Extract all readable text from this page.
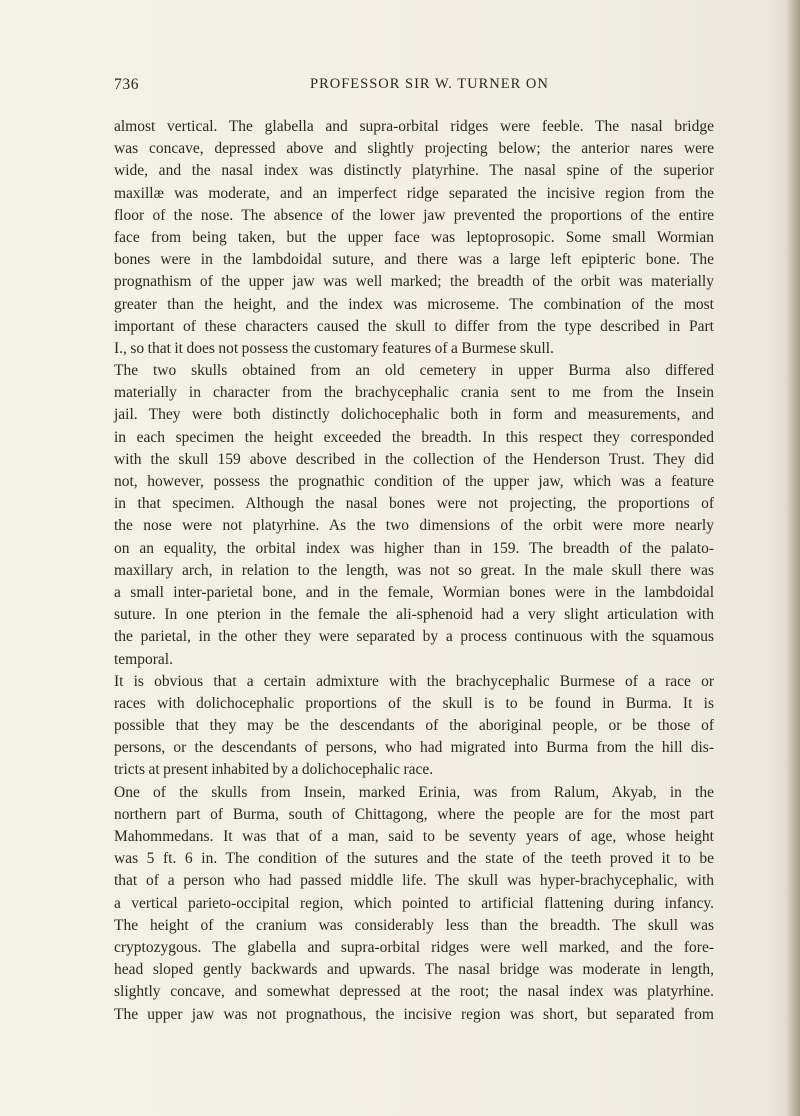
736	PROFESSOR SIR W. TURNER ON
almost vertical. The glabella and supra-orbital ridges were feeble. The nasal bridge
was concave, depressed above and slightly projecting below; the anterior nares were
wide, and the nasal index was distinctly platyrhine. The nasal spine of the superior
maxillæ was moderate, and an imperfect ridge separated the incisive region from the
floor of the nose. The absence of the lower jaw prevented the proportions of the entire
face from being taken, but the upper face was leptoprosopic. Some small Wormian
bones were in the lambdoidal suture, and there was a large left epipteric bone. The
prognathism of the upper jaw was well marked; the breadth of the orbit was materially
greater than the height, and the index was microseme. The combination of the most
important of these characters caused the skull to differ from the type described in Part
I., so that it does not possess the customary features of a Burmese skull.
The two skulls obtained from an old cemetery in upper Burma also differed
materially in character from the brachycephalic crania sent to me from the Insein
jail. They were both distinctly dolichocephalic both in form and measurements, and
in each specimen the height exceeded the breadth. In this respect they corresponded
with the skull 159 above described in the collection of the Henderson Trust. They did
not, however, possess the prognathic condition of the upper jaw, which was a feature
in that specimen. Although the nasal bones were not projecting, the proportions of
the nose were not platyrhine. As the two dimensions of the orbit were more nearly
on an equality, the orbital index was higher than in 159. The breadth of the palato-
maxillary arch, in relation to the length, was not so great. In the male skull there was
a small inter-parietal bone, and in the female, Wormian bones were in the lambdoidal
suture. In one pterion in the female the ali-sphenoid had a very slight articulation with
the parietal, in the other they were separated by a process continuous with the squamous
temporal.
It is obvious that a certain admixture with the brachycephalic Burmese of a race or
races with dolichocephalic proportions of the skull is to be found in Burma. It is
possible that they may be the descendants of the aboriginal people, or be those of
persons, or the descendants of persons, who had migrated into Burma from the hill dis-
tricts at present inhabited by a dolichocephalic race.
One of the skulls from Insein, marked Erinia, was from Ralum, Akyab, in the
northern part of Burma, south of Chittagong, where the people are for the most part
Mahommedans. It was that of a man, said to be seventy years of age, whose height
was 5 ft. 6 in. The condition of the sutures and the state of the teeth proved it to be
that of a person who had passed middle life. The skull was hyper-brachycephalic, with
a vertical parieto-occipital region, which pointed to artificial flattening during infancy.
The height of the cranium was considerably less than the breadth. The skull was
cryptozygous. The glabella and supra-orbital ridges were well marked, and the fore-
head sloped gently backwards and upwards. The nasal bridge was moderate in length,
slightly concave, and somewhat depressed at the root; the nasal index was platyrhine.
The upper jaw was not prognathous, the incisive region was short, but separated from
